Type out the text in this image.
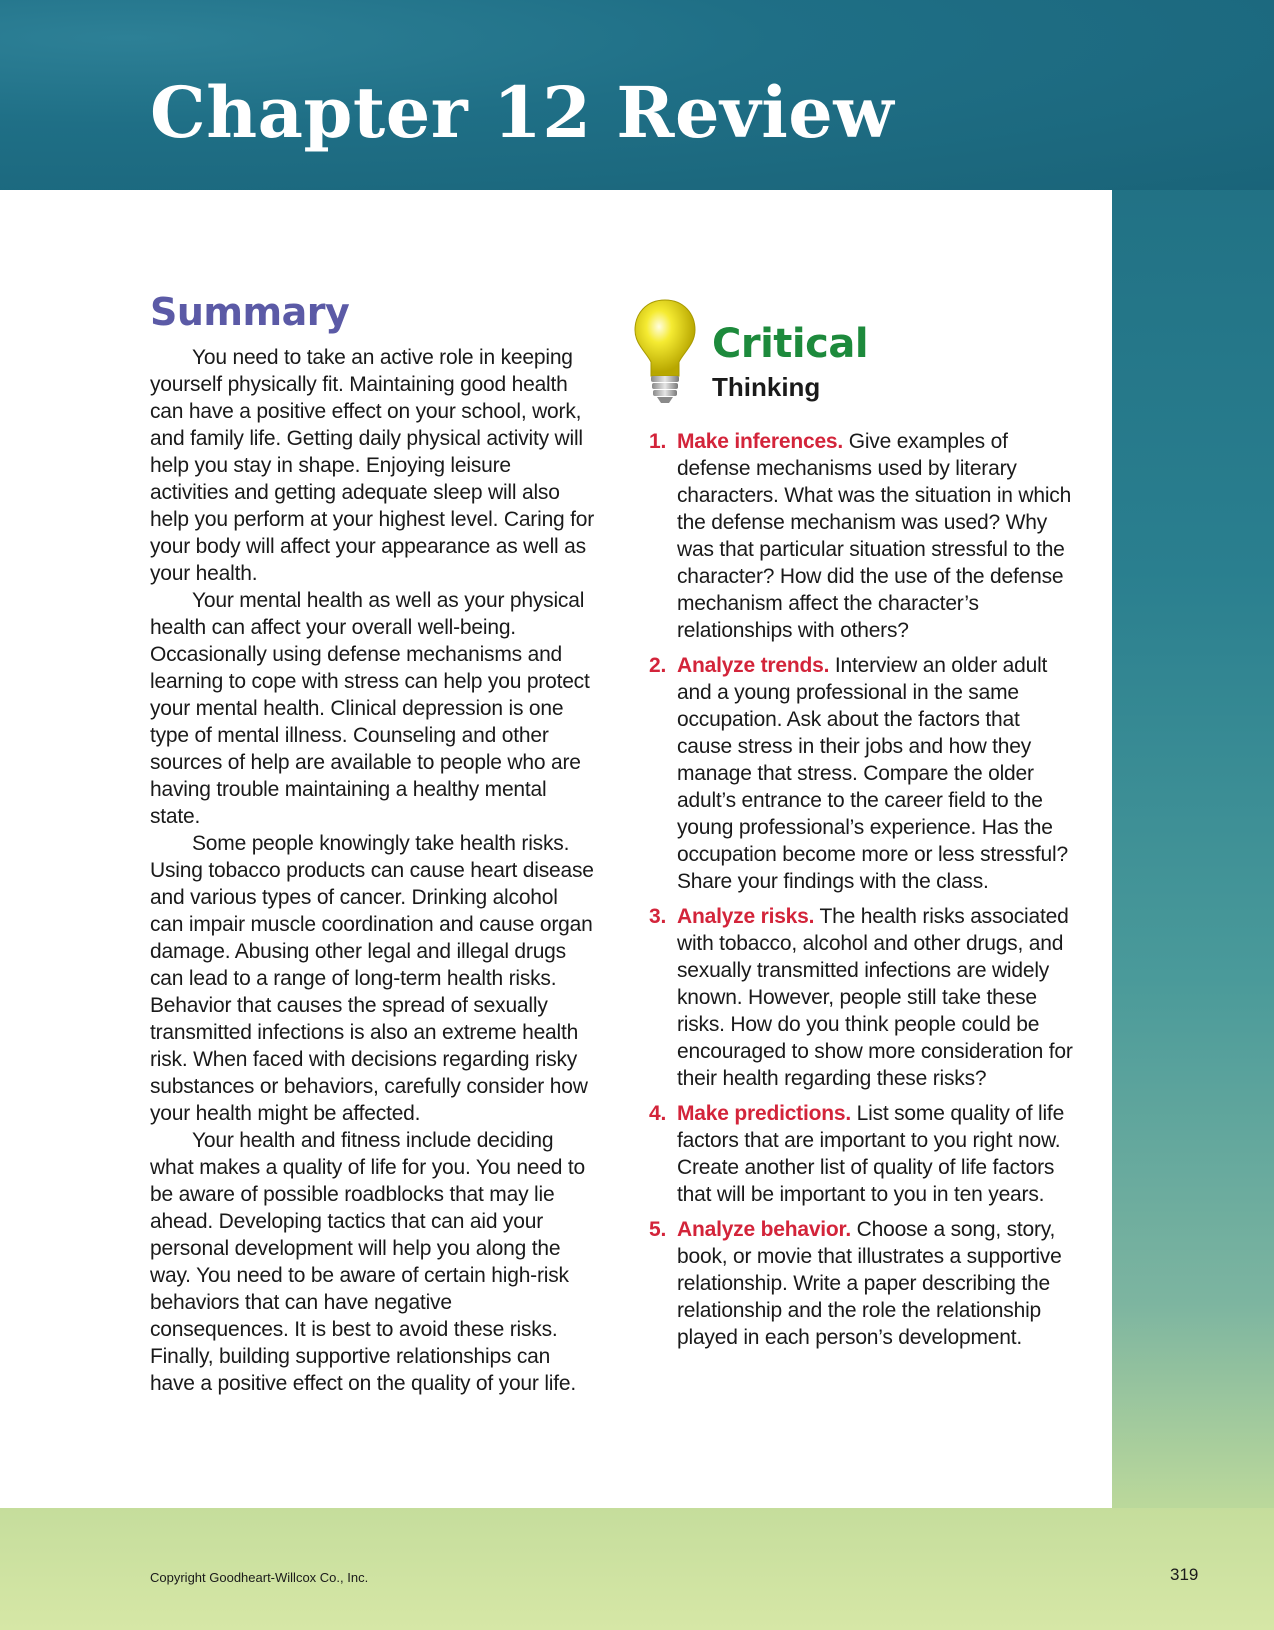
Chapter 12 Review
Summary

You need to take an active role in keeping yourself physically fit. Maintaining good health can have a positive effect on your school, work, and family life. Getting daily physical activity will help you stay in shape. Enjoying leisure activities and getting adequate sleep will also help you perform at your highest level. Caring for your body will affect your appearance as well as your health.

Your mental health as well as your physical health can affect your overall well-being. Occasionally using defense mechanisms and learning to cope with stress can help you protect your mental health. Clinical depression is one type of mental illness. Counseling and other sources of help are available to people who are having trouble maintaining a healthy mental state.

Some people knowingly take health risks. Using tobacco products can cause heart disease and various types of cancer. Drinking alcohol can impair muscle coordination and cause organ damage. Abusing other legal and illegal drugs can lead to a range of long-term health risks. Behavior that causes the spread of sexually transmitted infections is also an extreme health risk. When faced with decisions regarding risky substances or behaviors, carefully consider how your health might be affected.

Your health and fitness include deciding what makes a quality of life for you. You need to be aware of possible roadblocks that may lie ahead. Developing tactics that can aid your personal development will help you along the way. You need to be aware of certain high-risk behaviors that can have negative consequences. It is best to avoid these risks. Finally, building supportive relationships can have a positive effect on the quality of your life.

Critical
Thinking
1. Make inferences. Give examples of defense mechanisms used by literary characters. What was the situation in which the defense mechanism was used? Why was that particular situation stressful to the character? How did the use of the defense mechanism affect the character’s relationships with others?
2. Analyze trends. Interview an older adult and a young professional in the same occupation. Ask about the factors that cause stress in their jobs and how they manage that stress. Compare the older adult’s entrance to the career field to the young professional’s experience. Has the occupation become more or less stressful? Share your findings with the class.
3. Analyze risks. The health risks associated with tobacco, alcohol and other drugs, and sexually transmitted infections are widely known. However, people still take these risks. How do you think people could be encouraged to show more consideration for their health regarding these risks?
4. Make predictions. List some quality of life factors that are important to you right now. Create another list of quality of life factors that will be important to you in ten years.
5. Analyze behavior. Choose a song, story, book, or movie that illustrates a supportive relationship. Write a paper describing the relationship and the role the relationship played in each person’s development.
Copyright Goodheart-Willcox Co., Inc.	319
